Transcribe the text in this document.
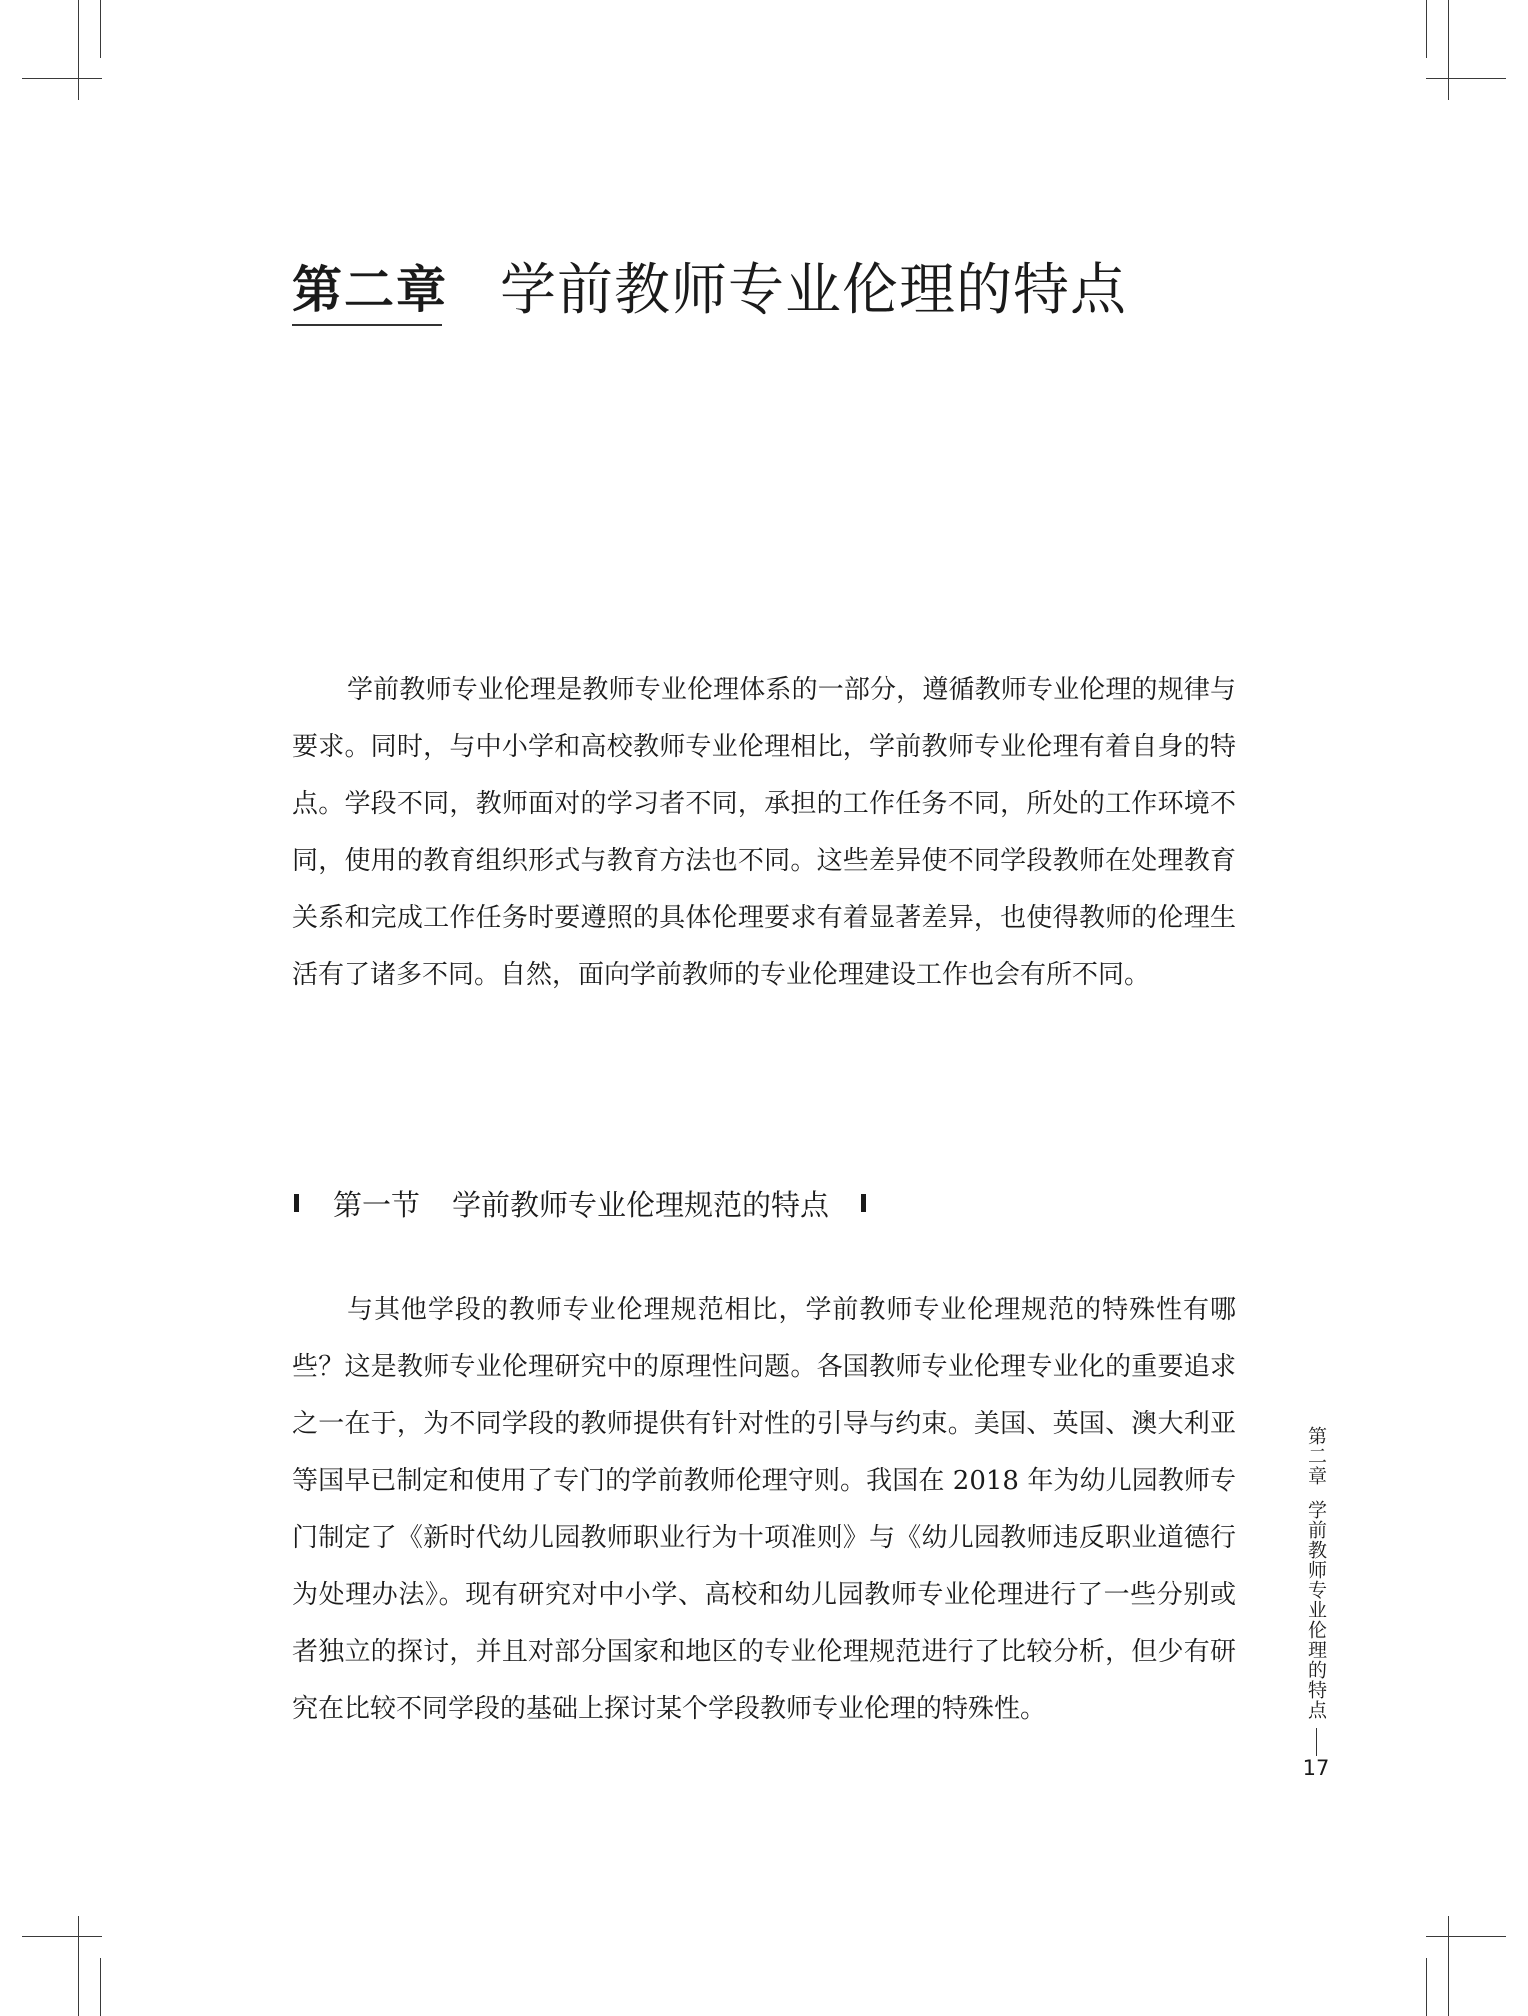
第二章 学前教师专业伦理的特点

学前教师专业伦理是教师专业伦理体系的一部分，遵循教师专业伦理的规律与要求。同时，与中小学和高校教师专业伦理相比，学前教师专业伦理有着自身的特点。学段不同，教师面对的学习者不同，承担的工作任务不同，所处的工作环境不同，使用的教育组织形式与教育方法也不同。这些差异使不同学段教师在处理教育关系和完成工作任务时要遵照的具体伦理要求有着显著差异，也使得教师的伦理生活有了诸多不同。自然，面向学前教师的专业伦理建设工作也会有所不同。

第一节 学前教师专业伦理规范的特点

与其他学段的教师专业伦理规范相比，学前教师专业伦理规范的特殊性有哪些？这是教师专业伦理研究中的原理性问题。各国教师专业伦理专业化的重要追求之一在于，为不同学段的教师提供有针对性的引导与约束。美国、英国、澳大利亚等国早已制定和使用了专门的学前教师伦理守则。我国在 2018 年为幼儿园教师专门制定了《新时代幼儿园教师职业行为十项准则》与《幼儿园教师违反职业道德行为处理办法》。现有研究对中小学、高校和幼儿园教师专业伦理进行了一些分别或者独立的探讨，并且对部分国家和地区的专业伦理规范进行了比较分析，但少有研究在比较不同学段的基础上探讨某个学段教师专业伦理的特殊性。

第二章
学前教师专业伦理的特点
17
